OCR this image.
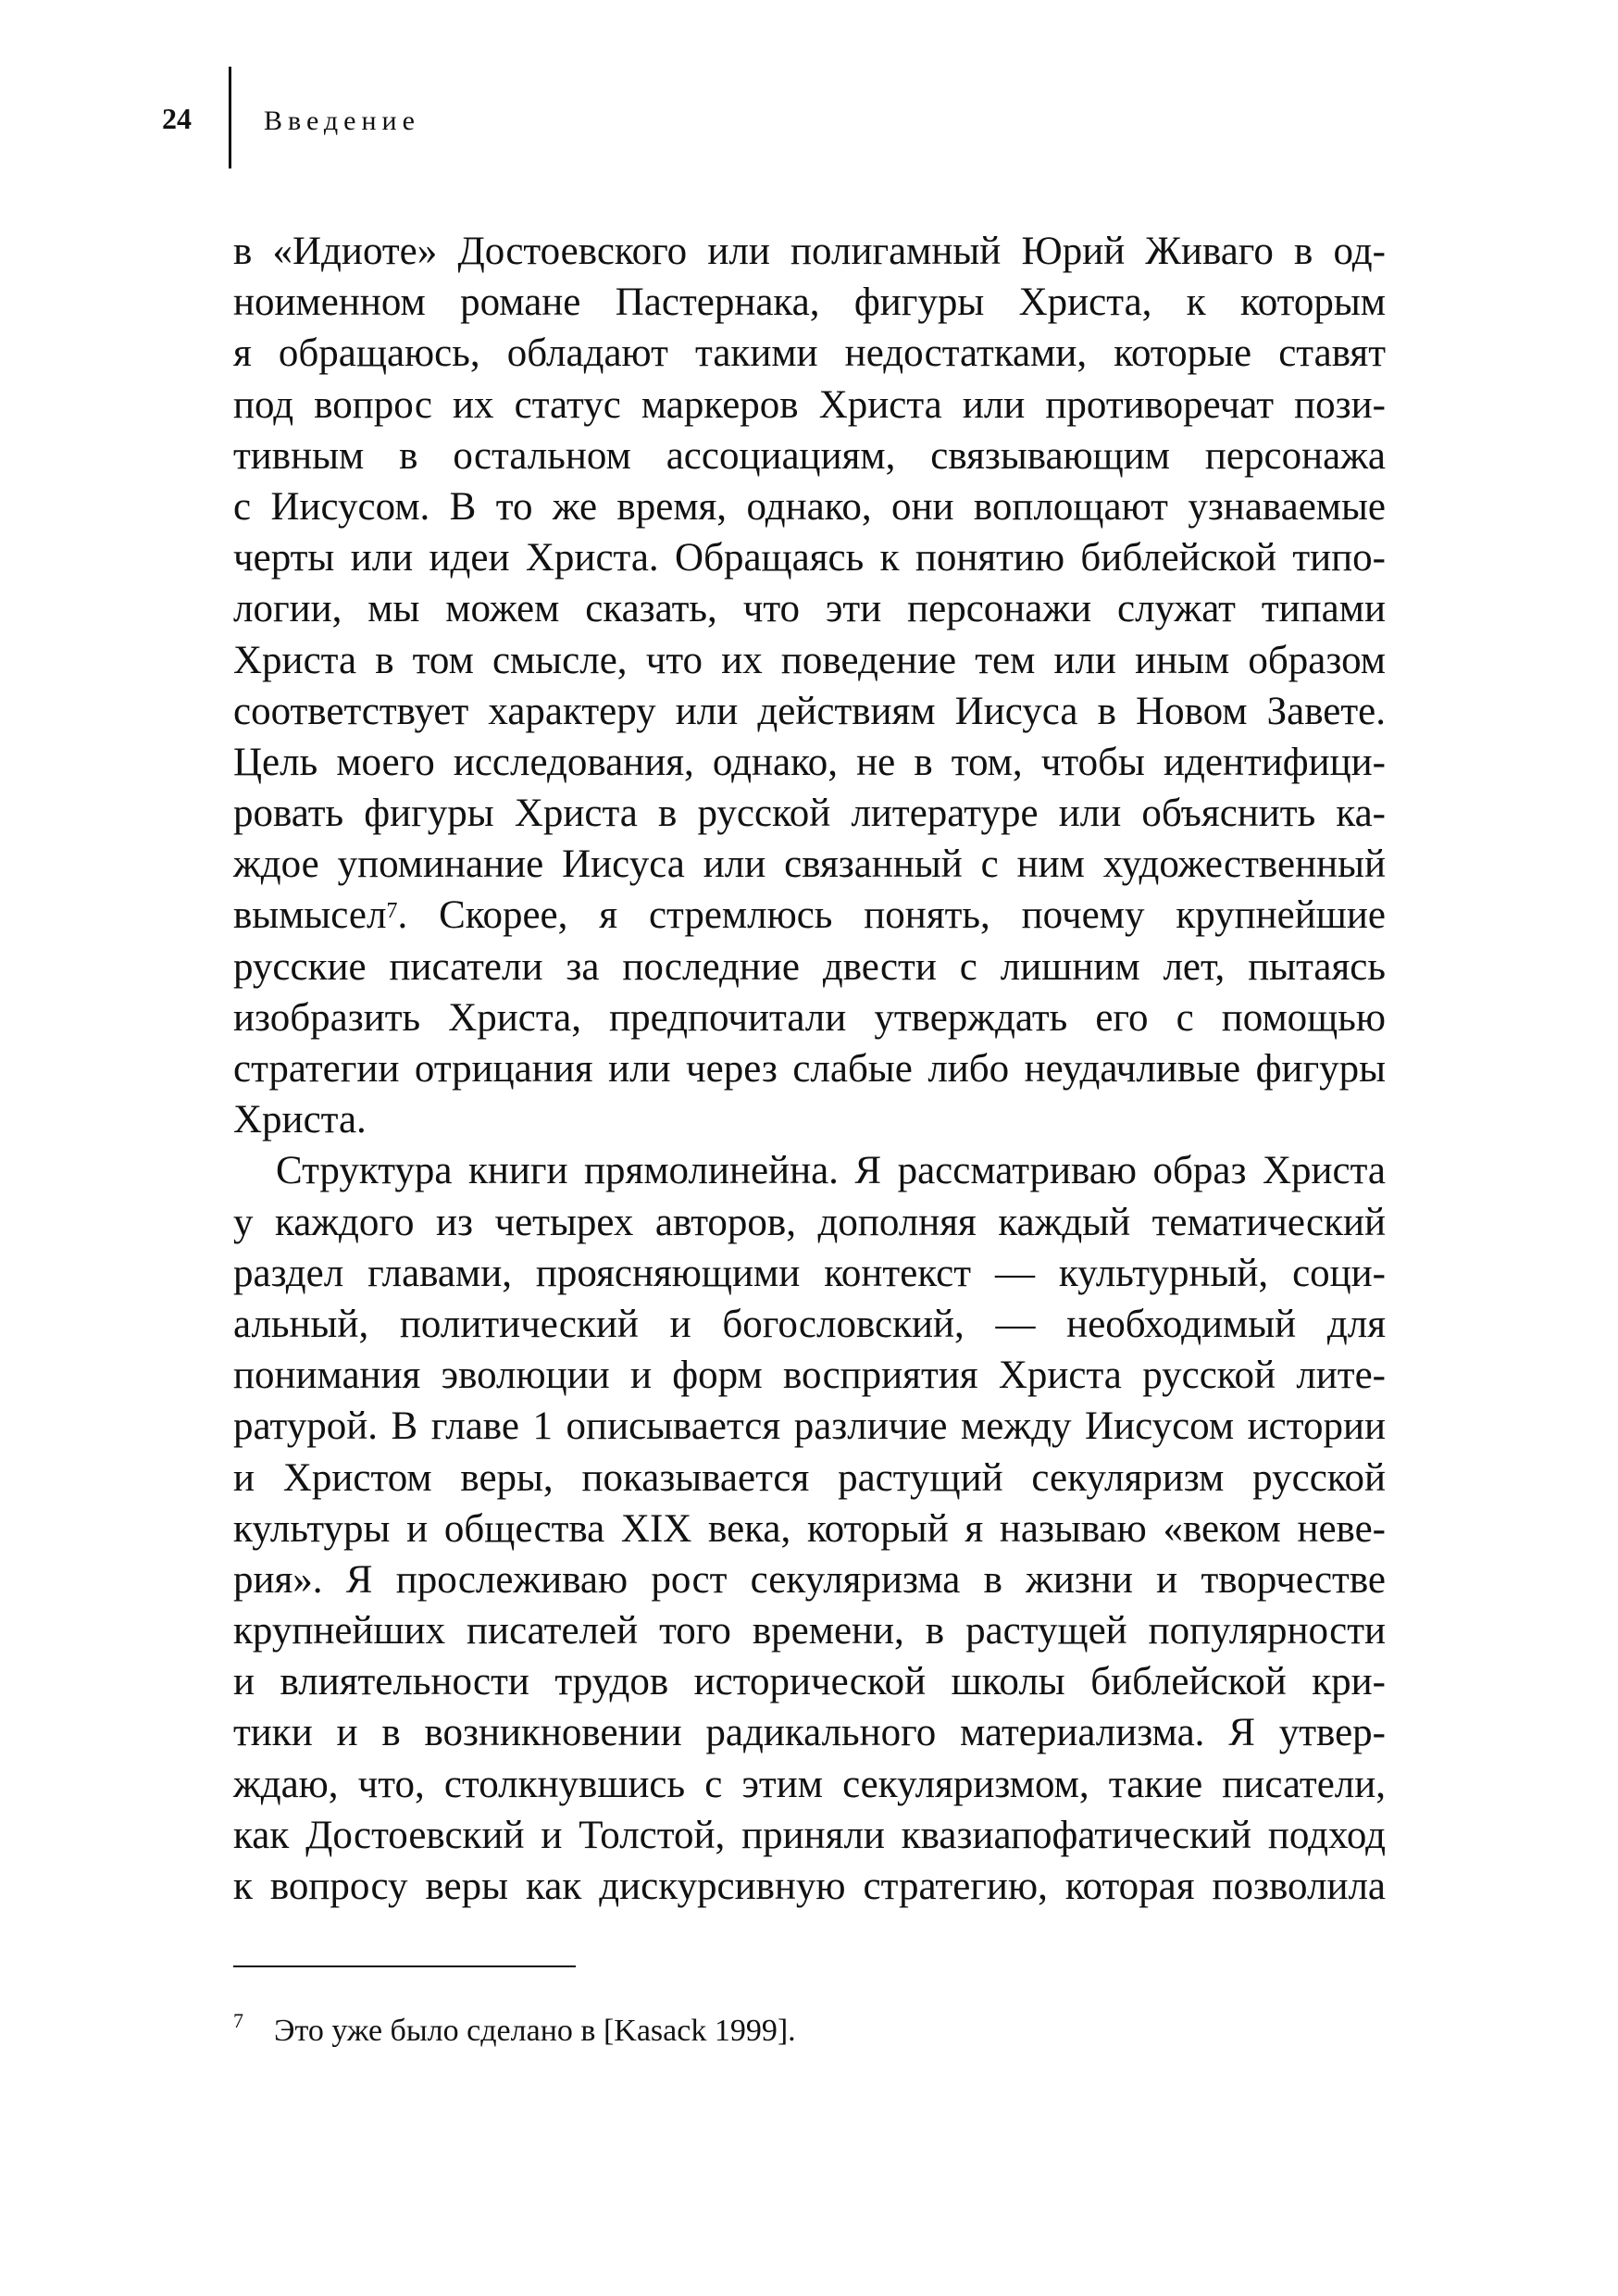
24	Введение
в «Идиоте» Достоевского или полигамный Юрий Живаго в од-
ноименном романе Пастернака, фигуры Христа, к которым
я обращаюсь, обладают такими недостатками, которые ставят
под вопрос их статус маркеров Христа или противоречат пози-
тивным в остальном ассоциациям, связывающим персонажа
с Иисусом. В то же время, однако, они воплощают узнаваемые
черты или идеи Христа. Обращаясь к понятию библейской типо-
логии, мы можем сказать, что эти персонажи служат типами
Христа в том смысле, что их поведение тем или иным образом
соответствует характеру или действиям Иисуса в Новом Завете.
Цель моего исследования, однако, не в том, чтобы идентифици-
ровать фигуры Христа в русской литературе или объяснить ка-
ждое упоминание Иисуса или связанный с ним художественный
вымысел$^7$. Скорее, я стремлюсь понять, почему крупнейшие
русские писатели за последние двести с лишним лет, пытаясь
изобразить Христа, предпочитали утверждать его с помощью
стратегии отрицания или через слабые либо неудачливые фигуры
Христа.
Структура книги прямолинейна. Я рассматриваю образ Христа
у каждого из четырех авторов, дополняя каждый тематический
раздел главами, проясняющими контекст — культурный, соци-
альный, политический и богословский, — необходимый для
понимания эволюции и форм восприятия Христа русской лите-
ратурой. В главе 1 описывается различие между Иисусом истории
и Христом веры, показывается растущий секуляризм русской
культуры и общества XIX века, который я называю «веком неве-
рия». Я прослеживаю рост секуляризма в жизни и творчестве
крупнейших писателей того времени, в растущей популярности
и влиятельности трудов исторической школы библейской кри-
тики и в возникновении радикального материализма. Я утвер-
ждаю, что, столкнувшись с этим секуляризмом, такие писатели,
как Достоевский и Толстой, приняли квазиапофатический подход
к вопросу веры как дискурсивную стратегию, которая позволила
7 Это уже было сделано в [Kasack 1999].
